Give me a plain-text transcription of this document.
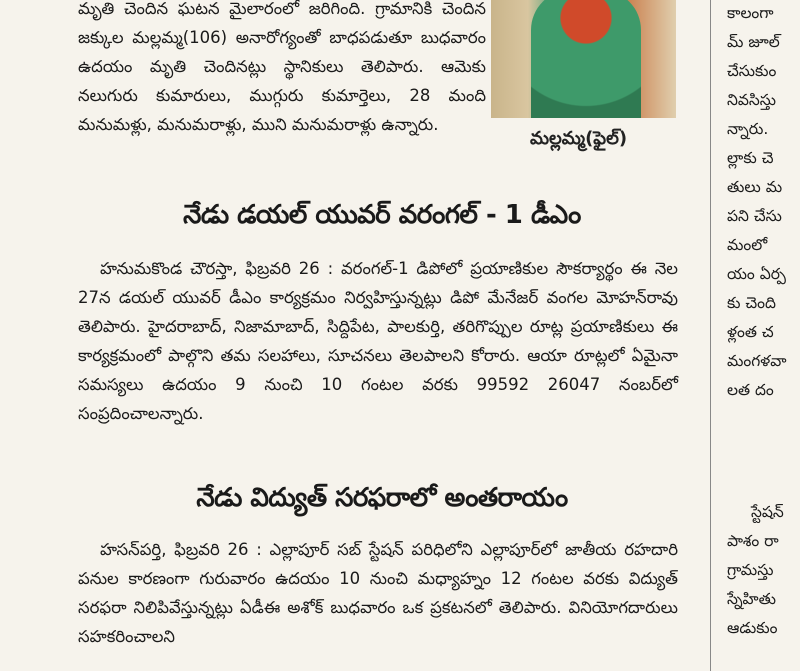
మృతి చెందిన ఘటన మైలారంలో జరిగింది. గ్రామానికి చెందిన జక్కుల మల్లమ్మ(106) అనారోగ్యంతో బాధపడుతూ బుధవారం ఉదయం మృతి చెందినట్లు స్థానికులు తెలిపారు. ఆమెకు నలుగురు కుమారులు, ముగ్గురు కుమార్తెలు, 28 మంది మనుమళ్లు, మనుమరాళ్లు, ముని మనుమరాళ్లు ఉన్నారు.

మల్లమ్మ(ఫైల్)
నేడు డయల్ యువర్ వరంగల్ - 1 డీఎం

హనుమకొండ చౌరస్తా, ఫిబ్రవరి 26 : వరంగల్-1 డిపోలో ప్రయాణికుల సౌకర్యార్థం ఈ నెల 27న డయల్ యువర్ డీఎం కార్యక్రమం నిర్వహిస్తున్నట్లు డిపో మేనేజర్ వంగల మోహన్‌రావు తెలిపారు. హైదరాబాద్, నిజామాబాద్, సిద్దిపేట, పాలకుర్తి, తరిగొప్పుల రూట్ల ప్రయాణికులు ఈ కార్యక్రమంలో పాల్గొని తమ సలహాలు, సూచనలు తెలపాలని కోరారు. ఆయా రూట్లలో ఏమైనా సమస్యలు ఉదయం 9 నుంచి 10 గంటల వరకు 99592 26047 నంబర్‌లో సంప్రదించాలన్నారు.

నేడు విద్యుత్ సరఫరాలో అంతరాయం

హసన్‌పర్తి, ఫిబ్రవరి 26 : ఎల్లాపూర్ సబ్ స్టేషన్ పరిధిలోని ఎల్లాపూర్‌లో జాతీయ రహదారి పనుల కారణంగా గురువారం ఉదయం 10 నుంచి మధ్యాహ్నం 12 గంటల వరకు విద్యుత్ సరఫరా నిలిపివేస్తున్నట్లు ఏడీఈ అశోక్ బుధవారం ఒక ప్రకటనలో తెలిపారు. వినియోగదారులు సహకరించాలని

కాలంగా

మ్ జూల్

చేసుకుం

నివసిస్తు

న్నారు.

ల్లాకు చె

తులు మ

పని చేసు

మంలో

యం ఏర్ప

కు చెంది

ళ్లంత చ

మంగళవా

లత దం

స్టేషన్

పాశం రా

గ్రామస్తు

స్నేహితు

ఆడుకుం
